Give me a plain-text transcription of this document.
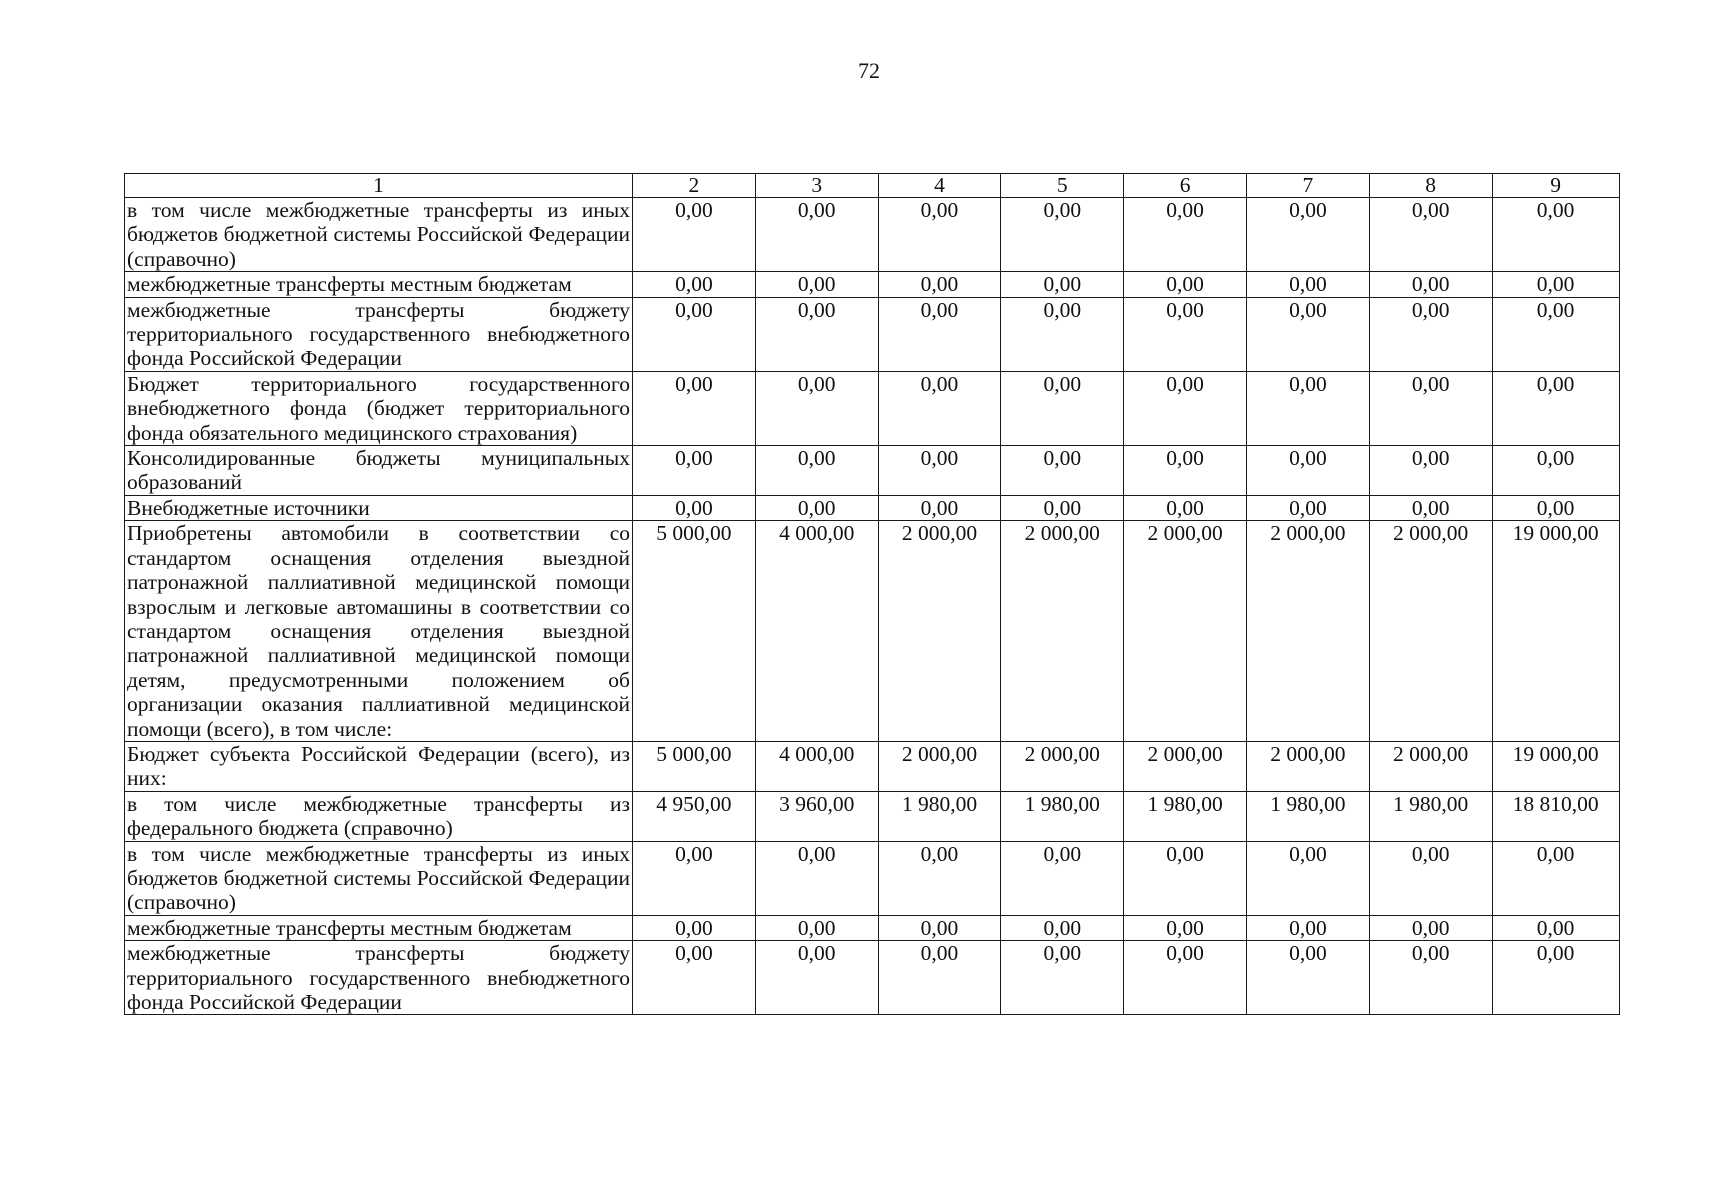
72
1	2	3	4	5	6	7	8	9
в том числе межбюджетные трансферты из иных бюджетов бюджетной системы Российской Федерации (справочно)	0,00	0,00	0,00	0,00	0,00	0,00	0,00	0,00
межбюджетные трансферты местным бюджетам	0,00	0,00	0,00	0,00	0,00	0,00	0,00	0,00
межбюджетные трансферты бюджету территориального государственного внебюджетного фонда Российской Федерации	0,00	0,00	0,00	0,00	0,00	0,00	0,00	0,00
Бюджет территориального государственного внебюджетного фонда (бюджет территориального фонда обязательного медицинского страхования)	0,00	0,00	0,00	0,00	0,00	0,00	0,00	0,00
Консолидированные бюджеты муниципальных образований	0,00	0,00	0,00	0,00	0,00	0,00	0,00	0,00
Внебюджетные источники	0,00	0,00	0,00	0,00	0,00	0,00	0,00	0,00
Приобретены автомобили в соответствии со стандартом оснащения отделения выездной патронажной паллиативной медицинской помощи взрослым и легковые автомашины в соответствии со стандартом оснащения отделения выездной патронажной паллиативной медицинской помощи детям, предусмотренными положением об организации оказания паллиативной медицинской помощи (всего), в том числе:	5 000,00	4 000,00	2 000,00	2 000,00	2 000,00	2 000,00	2 000,00	19 000,00
Бюджет субъекта Российской Федерации (всего), из них:	5 000,00	4 000,00	2 000,00	2 000,00	2 000,00	2 000,00	2 000,00	19 000,00
в том числе межбюджетные трансферты из федерального бюджета (справочно)	4 950,00	3 960,00	1 980,00	1 980,00	1 980,00	1 980,00	1 980,00	18 810,00
в том числе межбюджетные трансферты из иных бюджетов бюджетной системы Российской Федерации (справочно)	0,00	0,00	0,00	0,00	0,00	0,00	0,00	0,00
межбюджетные трансферты местным бюджетам	0,00	0,00	0,00	0,00	0,00	0,00	0,00	0,00
межбюджетные трансферты бюджету территориального государственного внебюджетного фонда Российской Федерации	0,00	0,00	0,00	0,00	0,00	0,00	0,00	0,00
